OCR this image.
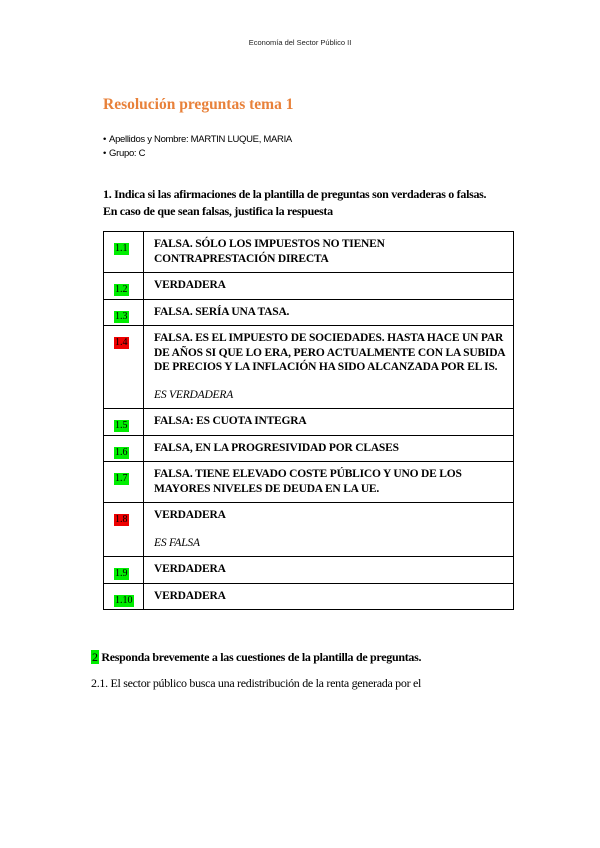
Economía del Sector Público II
Resolución preguntas tema 1
• Apellidos y Nombre: MARTIN LUQUE, MARIA
• Grupo: C

1. Indica si las afirmaciones de la plantilla de preguntas son verdaderas o falsas. En caso de que sean falsas, justifica la respuesta

1.1	FALSA. SÓLO LOS IMPUESTOS NO TIENEN CONTRAPRESTACIÓN DIRECTA
1.2	VERDADERA
1.3	FALSA. SERÍA UNA TASA.
1.4	FALSA. ES EL IMPUESTO DE SOCIEDADES. HASTA HACE UN PAR DE AÑOS SI QUE LO ERA, PERO ACTUALMENTE CON LA SUBIDA DE PRECIOS Y LA INFLACIÓN HA SIDO ALCANZADA POR EL IS.
ES VERDADERA

1.5	FALSA: ES CUOTA INTEGRA
1.6	FALSA, EN LA PROGRESIVIDAD POR CLASES
1.7	FALSA. TIENE ELEVADO COSTE PÚBLICO Y UNO DE LOS MAYORES NIVELES DE DEUDA EN LA UE.
1.8	VERDADERA
ES FALSA

1.9	VERDADERA
1.10	VERDADERA

2 Responda brevemente a las cuestiones de la plantilla de preguntas.

2.1. El sector público busca una redistribución de la renta generada por el
